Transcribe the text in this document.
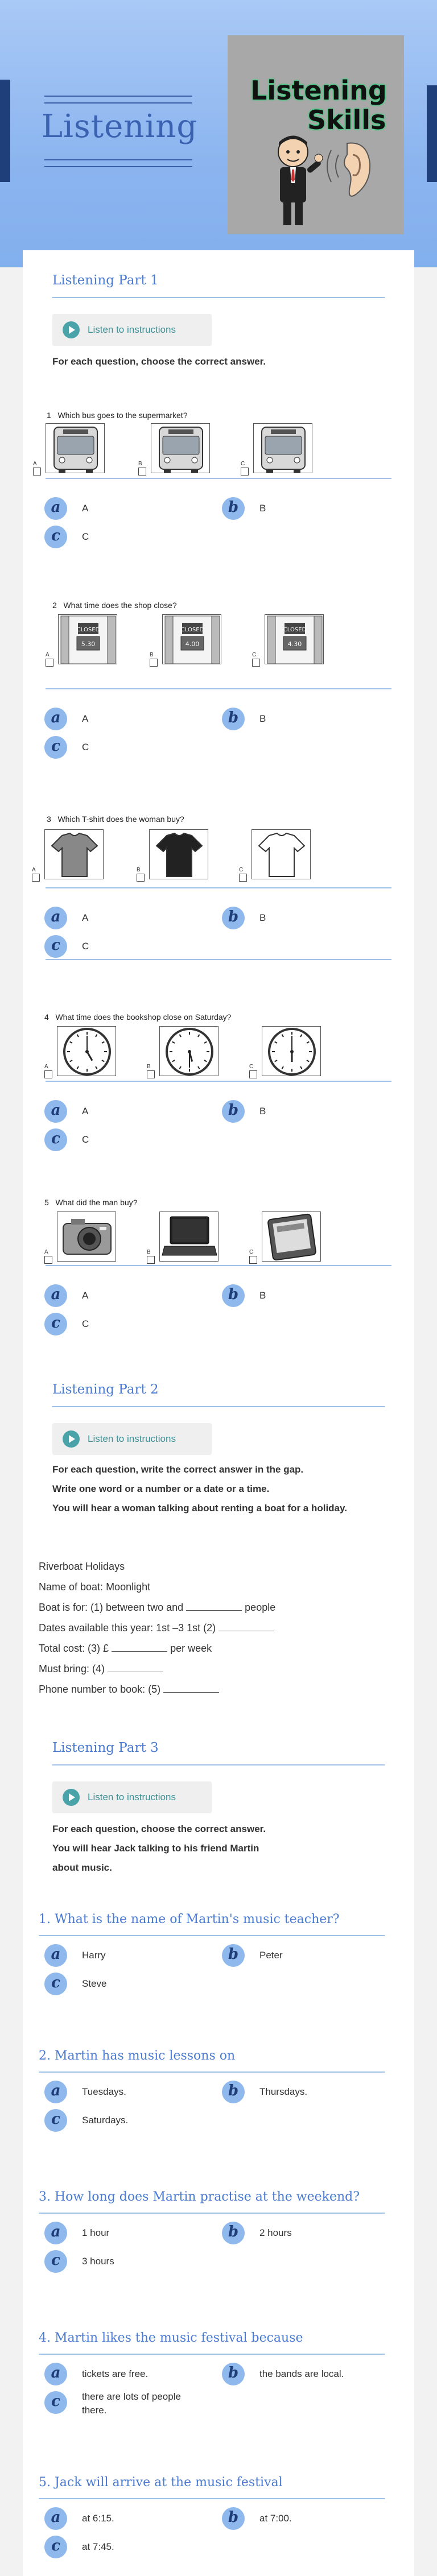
Listening
Listening
Skills
Listening Part 1
Listen to instructions
For each question, choose the correct answer.
1 Which bus goes to the supermarket?
2 What time does the shop close?
3 Which T-shirt does the woman buy?
4 What time does the bookshop close on Saturday?
5 What did the man buy?
Listening Part 2
Listen to instructions
For each question, write the correct answer in the gap.
Write one word or a number or a date or a time.
You will hear a woman talking about renting a boat for a holiday.
Riverboat Holidays
Name of boat: Moonlight
Boat is for: (1) between two and	people
Dates available this year: 1st –3 1st (2)
Total cost: (3) £	per week
Must bring: (4)
Phone number to book: (5)
Listening Part 3
Listen to instructions
For each question, choose the correct answer.
You will hear Jack talking to his friend Martin
about music.
A	B	C
CLOSED
5.30
A
CLOSED
4.00
B
CLOSED
4.30
C
A	B	C
A	B	C
A	B	C
a	A	b	B
c	C
a	A	b	B
c	C
a	A	b	B
c	C
a	A	b	B
c	C
a	A	b	B
c	C
1. What is the name of Martin's music teacher?
a	Harry	b	Peter
c	Steve
2. Martin has music lessons on
a	Tuesdays.	b	Thursdays.
c	Saturdays.
3. How long does Martin practise at the weekend?
a	1 hour	b	2 hours
c	3 hours
4. Martin likes the music festival because
a	tickets are free.	b	the bands are local.
c	there are lots of people
there.
5. Jack will arrive at the music festival
a	at 6:15.	b	at 7:00.
c	at 7:45.
